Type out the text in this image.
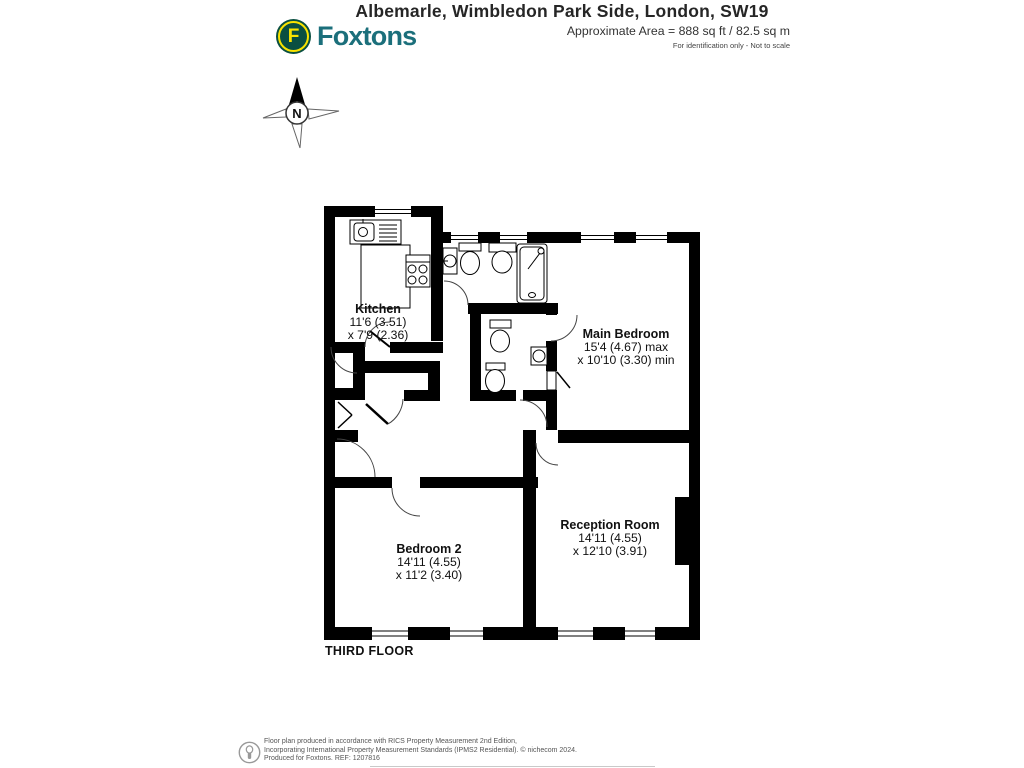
Albemarle, Wimbledon Park Side, London, SW19
F Foxtons	Approximate Area = 888 sq ft / 82.5 sq m
For identification only - Not to scale
N
Kitchen
11'6 (3.51)
x 7'9 (2.36)	Main Bedroom
15'4 (4.67) max
x 10'10 (3.30) min
Bedroom 2
14'11 (4.55)
x 11'2 (3.40)
Reception Room
14'11 (4.55)
x 12'10 (3.91)
THIRD FLOOR
Floor plan produced in accordance with RICS Property Measurement 2nd Edition,
Incorporating International Property Measurement Standards (IPMS2 Residential). © nichecom 2024.
Produced for Foxtons. REF: 1207816
